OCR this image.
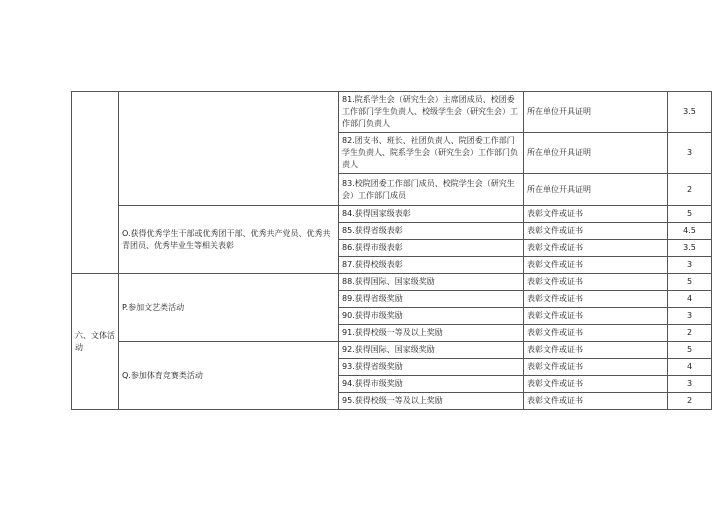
		81.院系学生会（研究生会）主席团成员、校团委工作部门学生负责人、校级学生会（研究生会）工作部门负责人	所在单位开具证明	3.5
		82.团支书、班长、社团负责人、院团委工作部门学生负责人、院系学生会（研究生会）工作部门负责人	所在单位开具证明	3
		83.校院团委工作部门成员、校院学生会（研究生会）工作部门成员	所在单位开具证明	2
	O.获得优秀学生干部或优秀团干部、优秀共产党员、优秀共青团员、优秀毕业生等相关表彰	84.获得国家级表彰	表彰文件或证书	5
		85.获得省级表彰	表彰文件或证书	4.5
		86.获得市级表彰	表彰文件或证书	3.5
		87.获得校级表彰	表彰文件或证书	3
六、文体活动	P.参加文艺类活动	88.获得国际、国家级奖励	表彰文件或证书	5
		89.获得省级奖励	表彰文件或证书	4
		90.获得市级奖励	表彰文件或证书	3
		91.获得校级一等及以上奖励	表彰文件或证书	2
	Q.参加体育竞赛类活动	92.获得国际、国家级奖励	表彰文件或证书	5
		93.获得省级奖励	表彰文件或证书	4
		94.获得市级奖励	表彰文件或证书	3
		95.获得校级一等及以上奖励	表彰文件或证书	2
